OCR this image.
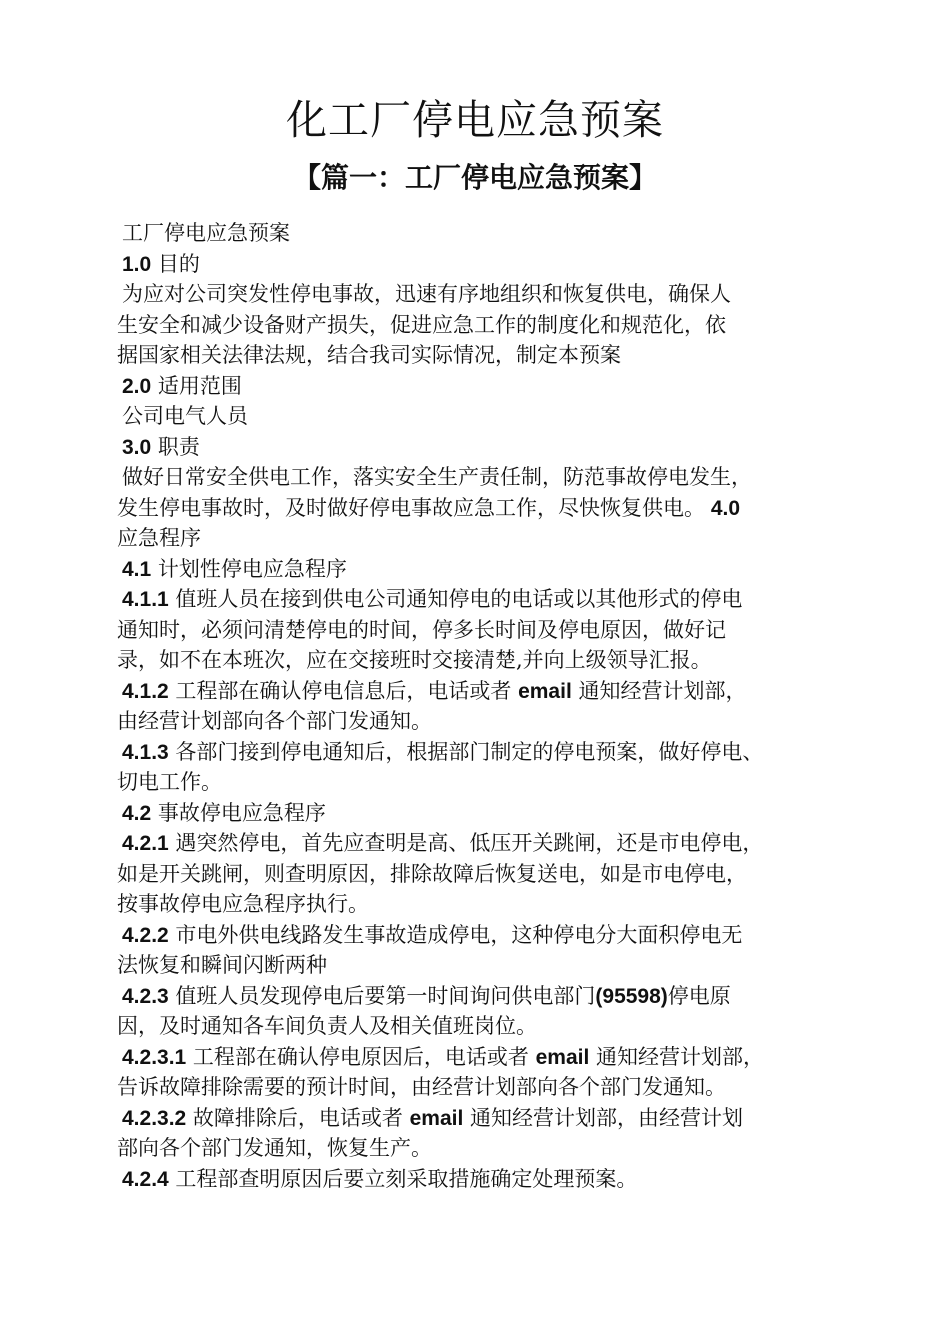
化工厂停电应急预案
【篇一：工厂停电应急预案】
工厂停电应急预案
1.0 目的
为应对公司突发性停电事故，迅速有序地组织和恢复供电，确保人
生安全和减少设备财产损失，促进应急工作的制度化和规范化，依
据国家相关法律法规，结合我司实际情况，制定本预案
2.0 适用范围
公司电气人员
3.0 职责
做好日常安全供电工作，落实安全生产责任制，防范事故停电发生，
发生停电事故时，及时做好停电事故应急工作，尽快恢复供电。 4.0
应急程序
4.1 计划性停电应急程序
4.1.1 值班人员在接到供电公司通知停电的电话或以其他形式的停电
通知时，必须问清楚停电的时间，停多长时间及停电原因，做好记
录，如不在本班次，应在交接班时交接清楚,并向上级领导汇报。
4.1.2 工程部在确认停电信息后，电话或者 email 通知经营计划部，
由经营计划部向各个部门发通知。
4.1.3 各部门接到停电通知后，根据部门制定的停电预案，做好停电、
切电工作。
4.2 事故停电应急程序
4.2.1 遇突然停电，首先应查明是高、低压开关跳闸，还是市电停电，
如是开关跳闸，则查明原因，排除故障后恢复送电，如是市电停电，
按事故停电应急程序执行。
4.2.2 市电外供电线路发生事故造成停电，这种停电分大面积停电无
法恢复和瞬间闪断两种
4.2.3 值班人员发现停电后要第一时间询问供电部门(95598)停电原
因，及时通知各车间负责人及相关值班岗位。
4.2.3.1 工程部在确认停电原因后，电话或者 email 通知经营计划部，
告诉故障排除需要的预计时间，由经营计划部向各个部门发通知。
4.2.3.2 故障排除后，电话或者 email 通知经营计划部，由经营计划
部向各个部门发通知，恢复生产。
4.2.4 工程部查明原因后要立刻采取措施确定处理预案。
